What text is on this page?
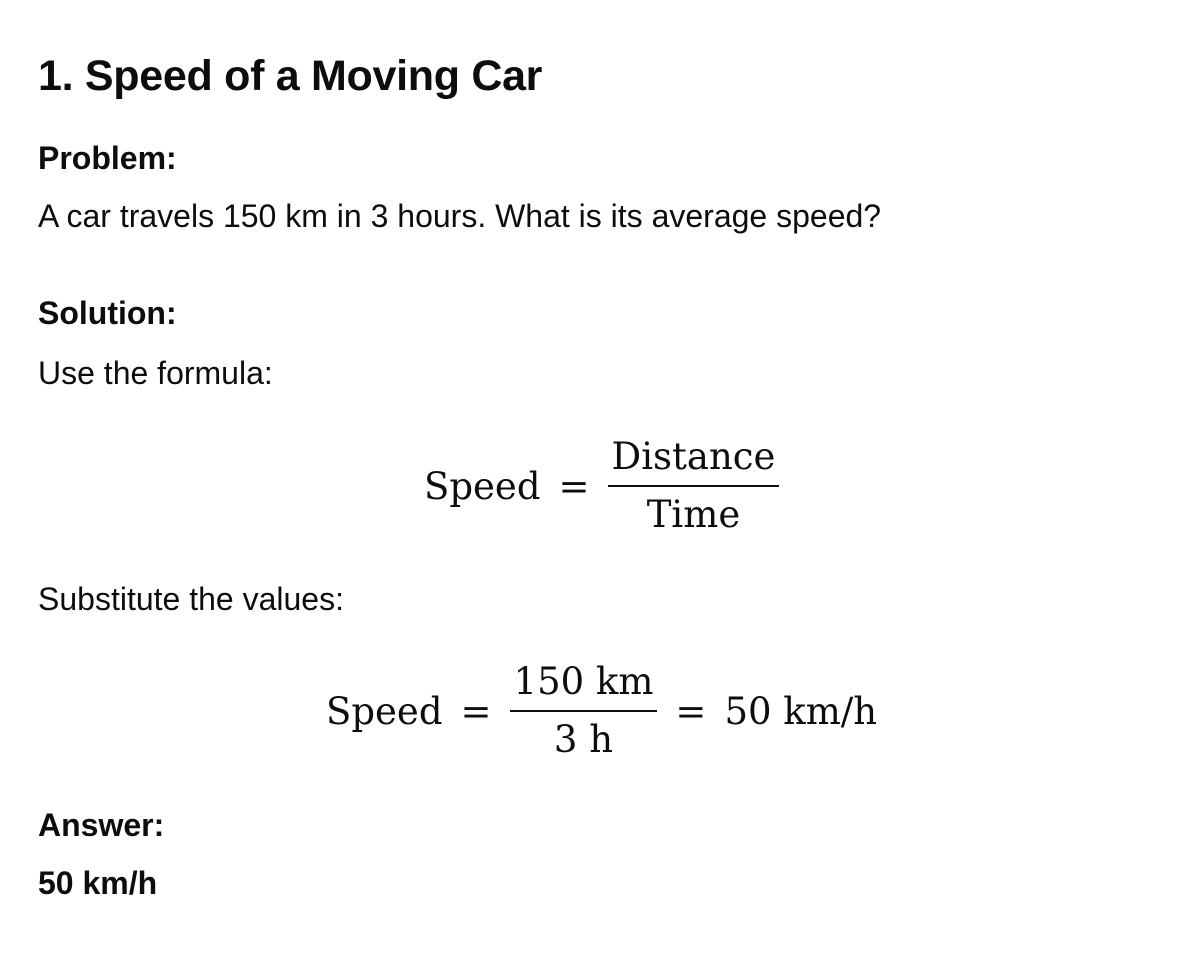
1. Speed of a Moving Car
Problem:

A car travels 150 km in 3 hours. What is its average speed?

Solution:

Use the formula:

Speed = $\frac{\text{Distance}}{\text{Time}}$

Substitute the values:

Speed = $\frac{150 km}{3 h} = 50$ km/h
Answer:

50 km/h
